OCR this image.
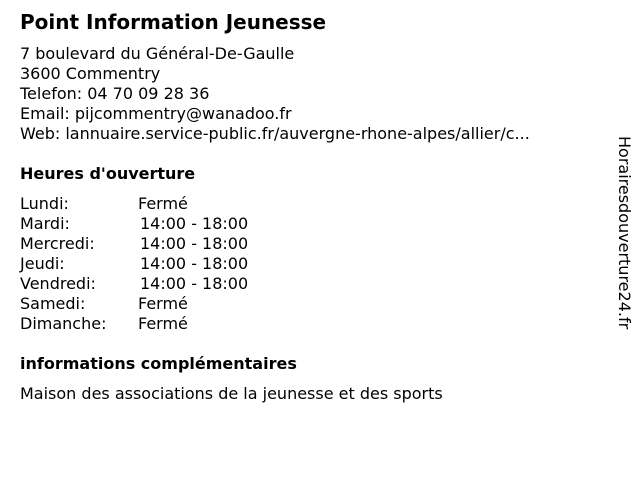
Point Information Jeunesse
7 boulevard du Général-De-Gaulle
3600 Commentry
Telefon: 04 70 09 28 36
Email: pijcommentry@wanadoo.fr
Web: lannuaire.service-public.fr/auvergne-rhone-alpes/allier/c...
Heures d'ouverture
Lundi:	Fermé
Mardi:	14:00 - 18:00
Mercredi:	14:00 - 18:00
Jeudi:	14:00 - 18:00
Vendredi:	14:00 - 18:00
Samedi:	Fermé
Dimanche:	Fermé
informations complémentaires
Maison des associations de la jeunesse et des sports
Horairesdouverture24.fr
